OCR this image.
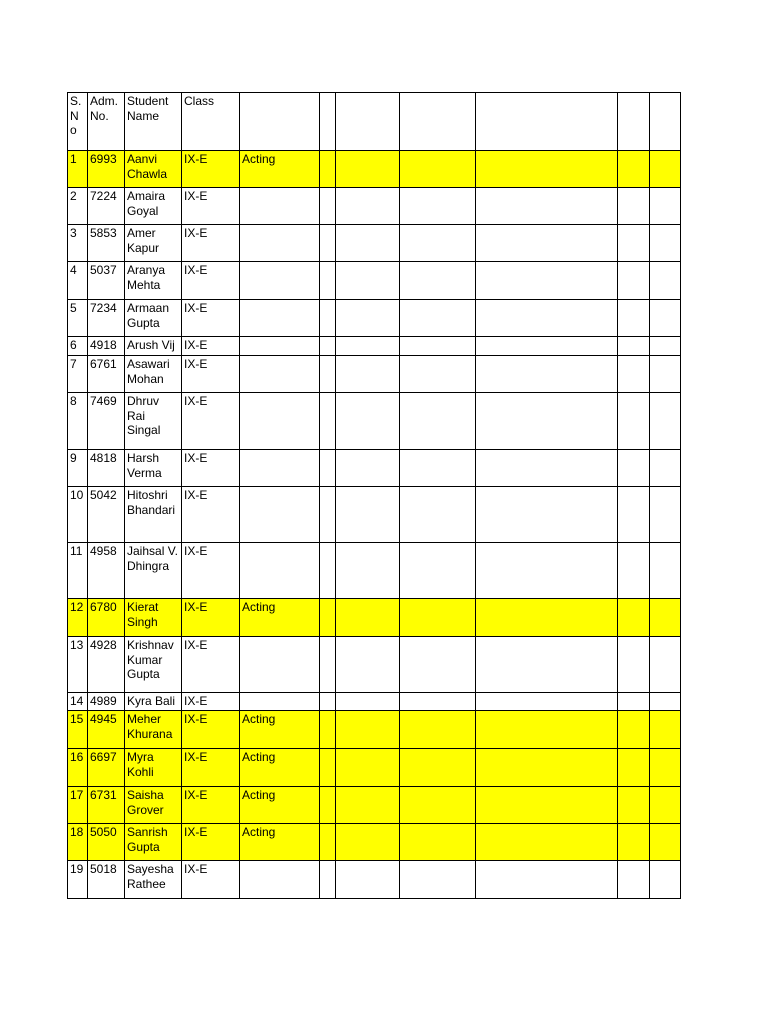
S.
N
o	Adm.
No.	Student
Name	Class							
1	6993	Aanvi
Chawla	IX-E	Acting						
2	7224	Amaira
Goyal	IX-E							
3	5853	Amer
Kapur	IX-E							
4	5037	Aranya
Mehta	IX-E							
5	7234	Armaan
Gupta	IX-E							
6	4918	Arush Vij	IX-E							
7	6761	Asawari
Mohan	IX-E							
8	7469	Dhruv
Rai
Singal	IX-E							
9	4818	Harsh
Verma	IX-E							
10	5042	Hitoshri
Bhandari	IX-E							
11	4958	Jaihsal V.
Dhingra	IX-E							
12	6780	Kierat
Singh	IX-E	Acting						
13	4928	Krishnav
Kumar
Gupta	IX-E							
14	4989	Kyra Bali	IX-E							
15	4945	Meher
Khurana	IX-E	Acting						
16	6697	Myra
Kohli	IX-E	Acting						
17	6731	Saisha
Grover	IX-E	Acting						
18	5050	Sanrish
Gupta	IX-E	Acting						
19	5018	Sayesha
Rathee	IX-E							
